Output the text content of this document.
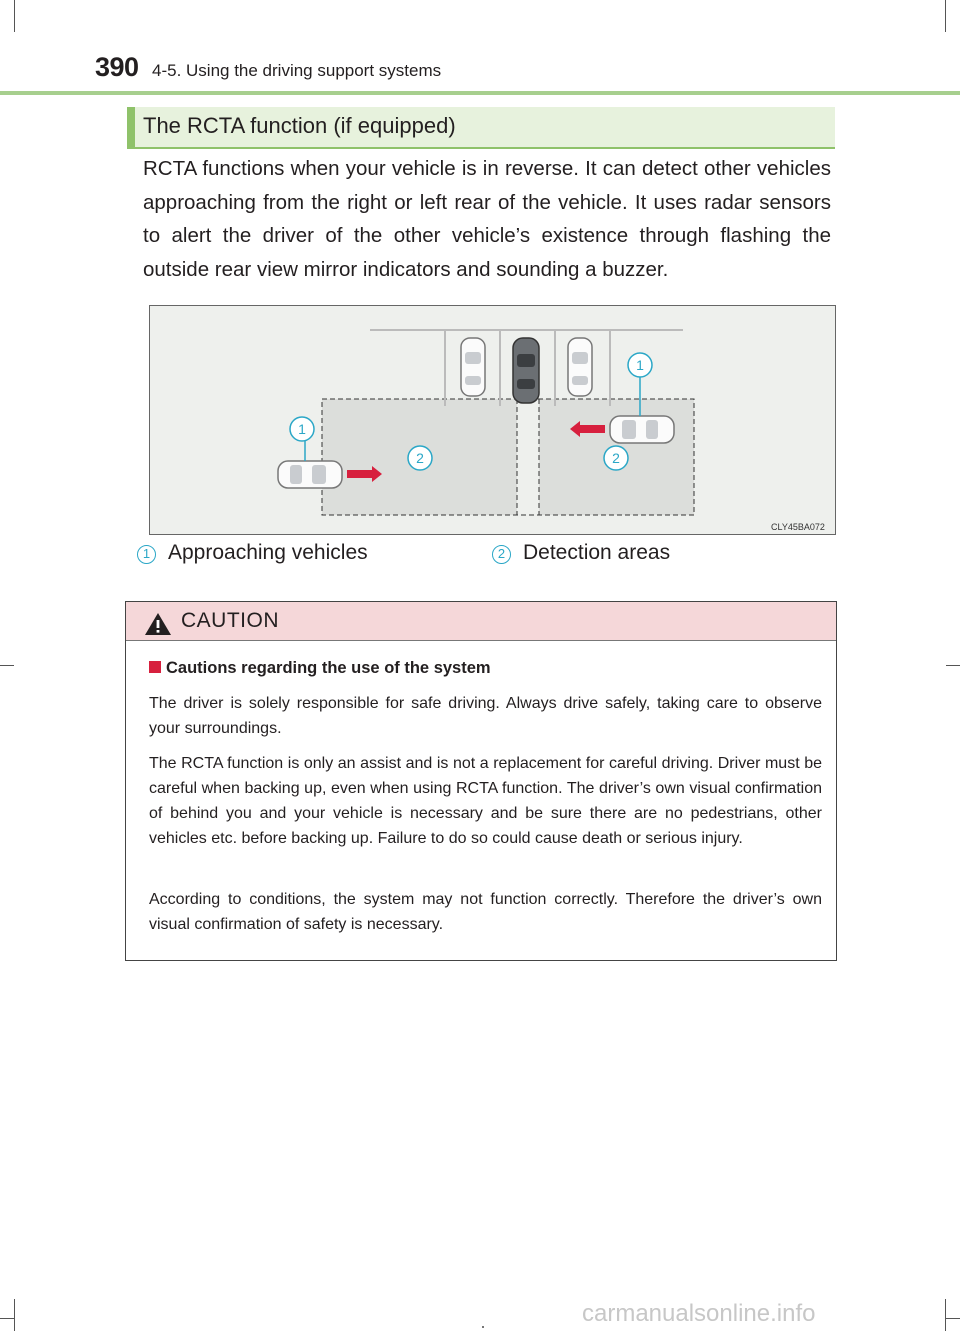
390 4-5. Using the driving support systems
The RCTA function (if equipped)
RCTA functions when your vehicle is in reverse. It can detect other vehicles approaching from the right or left rear of the vehicle. It uses radar sensors to alert the driver of the other vehicle’s existence through flashing the outside rear view mirror indicators and sounding a buzzer.
1
1
2	2
CLY45BA072
1 Approaching vehicles	2 Detection areas
CAUTION
Cautions regarding the use of the system
The driver is solely responsible for safe driving. Always drive safely, taking care to observe your surroundings.
The RCTA function is only an assist and is not a replacement for careful driving. Driver must be careful when backing up, even when using RCTA function. The driver’s own visual confirmation of behind you and your vehicle is necessary and be sure there are no pedestrians, other vehicles etc. before backing up. Failure to do so could cause death or serious injury.
According to conditions, the system may not function correctly. Therefore the driver’s own visual confirmation of safety is necessary.
carmanualsonline.info
